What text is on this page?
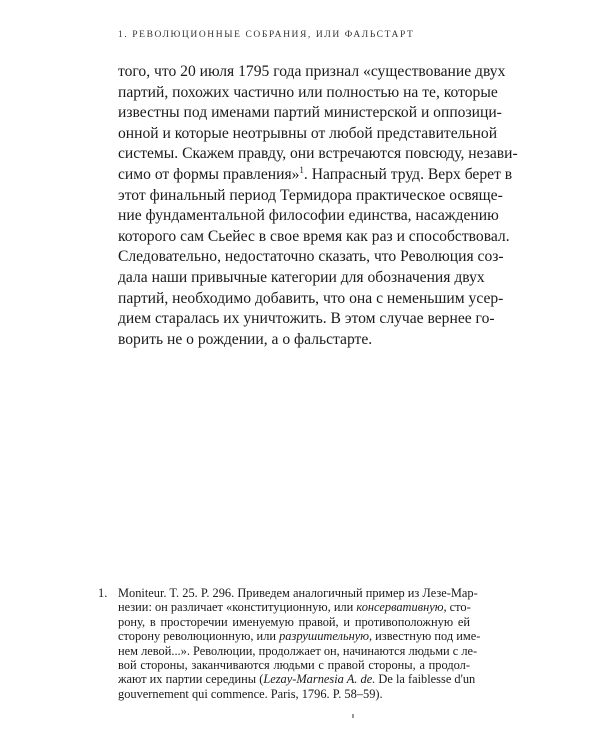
1. РЕВОЛЮЦИОННЫЕ СОБРАНИЯ, ИЛИ ФАЛЬСТАРТ
того, что 20 июля 1795 года признал «существование двух
партий, похожих частично или полностью на те, которые
известны под именами партий министерской и оппозици-
онной и которые неотрывны от любой представительной
системы. Скажем правду, они встречаются повсюду, незави-
симо от формы правления»$^1$. Напрасный труд. Верх берет в
этот финальный период Термидора практическое освяще-
ние фундаментальной философии единства, насаждению
которого сам Сьейес в свое время как раз и способствовал.
Следовательно, недостаточно сказать, что Революция соз-
дала наши привычные категории для обозначения двух
партий, необходимо добавить, что она с неменьшим усер-
дием старалась их уничтожить. В этом случае вернее го-
ворить не о рождении, а о фальстарте.
1. Moniteur. T. 25. P. 296. Приведем аналогичный пример из Лезе-Мар-
незии: он различает «конституционную, или консервативную, сто-
рону, в просторечии именуемую правой, и противоположную ей
сторону революционную, или разрушительную, известную под име-
нем левой...». Революции, продолжает он, начинаются людьми с ле-
вой стороны, заканчиваются людьми с правой стороны, а продол-
жают их партии середины (Lezay-Marnesia A. de. De la faiblesse d'un
gouvernement qui commence. Paris, 1796. P. 58–59).
